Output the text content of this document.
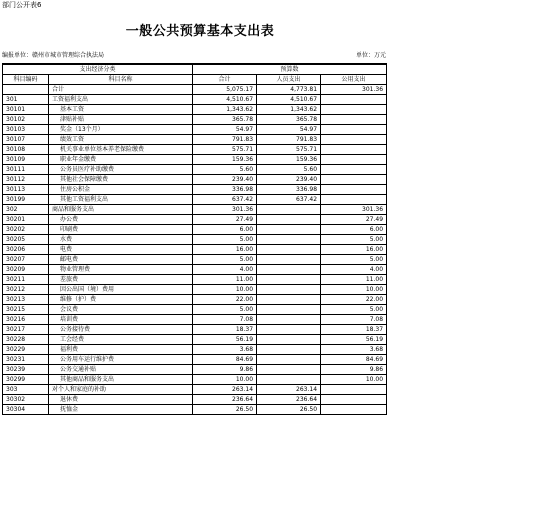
部门公开表6
一般公共预算基本支出表
编报单位：赣州市城市管理综合执法局	单位：万元
支出经济分类		预算数		
科目编码	科目名称	合计	人员支出	公用支出
	合计	5,075.17	4,773.81	301.36
301	工资福利支出	4,510.67	4,510.67	
30101	基本工资	1,343.62	1,343.62	
30102	津贴补贴	365.78	365.78	
30103	奖金（13个月）	54.97	54.97	
30107	绩效工资	791.83	791.83	
30108	机关事业单位基本养老保险缴费	575.71	575.71	
30109	职业年金缴费	159.36	159.36	
30111	公务员医疗补助缴费	5.60	5.60	
30112	其他社会保障缴费	239.40	239.40	
30113	住房公积金	336.98	336.98	
30199	其他工资福利支出	637.42	637.42	
302	商品和服务支出	301.36		301.36
30201	办公费	27.49		27.49
30202	印刷费	6.00		6.00
30205	水费	5.00		5.00
30206	电费	16.00		16.00
30207	邮电费	5.00		5.00
30209	物业管理费	4.00		4.00
30211	差旅费	11.00		11.00
30212	因公出国（境）费用	10.00		10.00
30213	维修（护）费	22.00		22.00
30215	会议费	5.00		5.00
30216	培训费	7.08		7.08
30217	公务接待费	18.37		18.37
30228	工会经费	56.19		56.19
30229	福利费	3.68		3.68
30231	公务用车运行维护费	84.69		84.69
30239	公务交通补贴	9.86		9.86
30299	其他商品和服务支出	10.00		10.00
303	对个人和家庭的补助	263.14	263.14	
30302	退休费	236.64	236.64	
30304	抚恤金	26.50	26.50	
